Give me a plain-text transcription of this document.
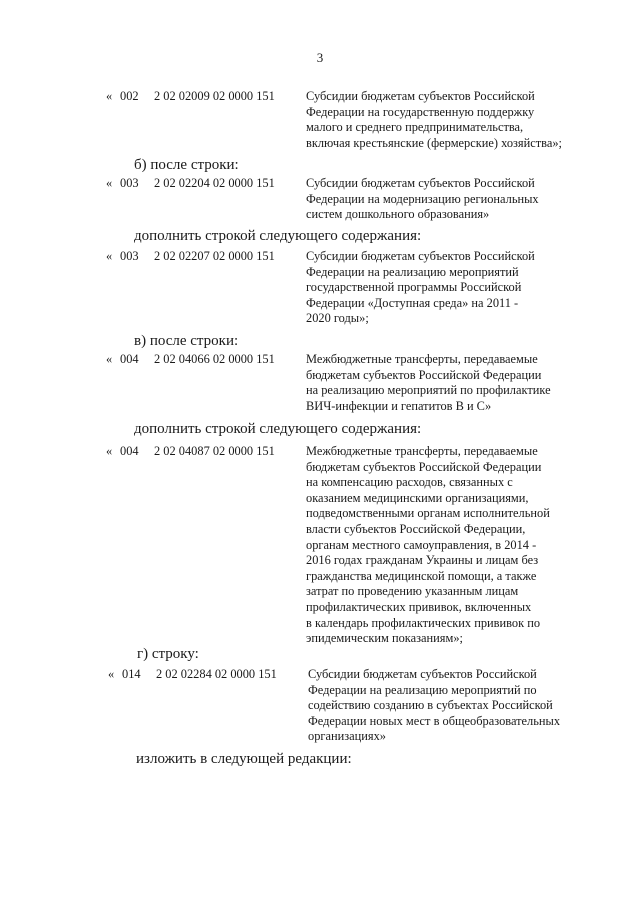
3
« 002 2 02 02009 02 0000 151	Субсидии бюджетам субъектов Российской
Федерации на государственную поддержку
малого и среднего предпринимательства,
включая крестьянские (фермерские) хозяйства»;
б) после строки:
« 003 2 02 02204 02 0000 151	Субсидии бюджетам субъектов Российской
Федерации на модернизацию региональных
систем дошкольного образования»
дополнить строкой следующего содержания:
« 003 2 02 02207 02 0000 151	Субсидии бюджетам субъектов Российской
Федерации на реализацию мероприятий
государственной программы Российской
Федерации «Доступная среда» на 2011 -
2020 годы»;
в) после строки:
« 004 2 02 04066 02 0000 151	Межбюджетные трансферты, передаваемые
бюджетам субъектов Российской Федерации
на реализацию мероприятий по профилактике
ВИЧ-инфекции и гепатитов B и C»
дополнить строкой следующего содержания:
« 004 2 02 04087 02 0000 151	Межбюджетные трансферты, передаваемые
бюджетам субъектов Российской Федерации
на компенсацию расходов, связанных с
оказанием медицинскими организациями,
подведомственными органам исполнительной
власти субъектов Российской Федерации,
органам местного самоуправления, в 2014 -
2016 годах гражданам Украины и лицам без
гражданства медицинской помощи, а также
затрат по проведению указанным лицам
профилактических прививок, включенных
в календарь профилактических прививок по
эпидемическим показаниям»;
г) строку:
« 014 2 02 02284 02 0000 151	Субсидии бюджетам субъектов Российской
Федерации на реализацию мероприятий по
содействию созданию в субъектах Российской
Федерации новых мест в общеобразовательных
организациях»
изложить в следующей редакции:
